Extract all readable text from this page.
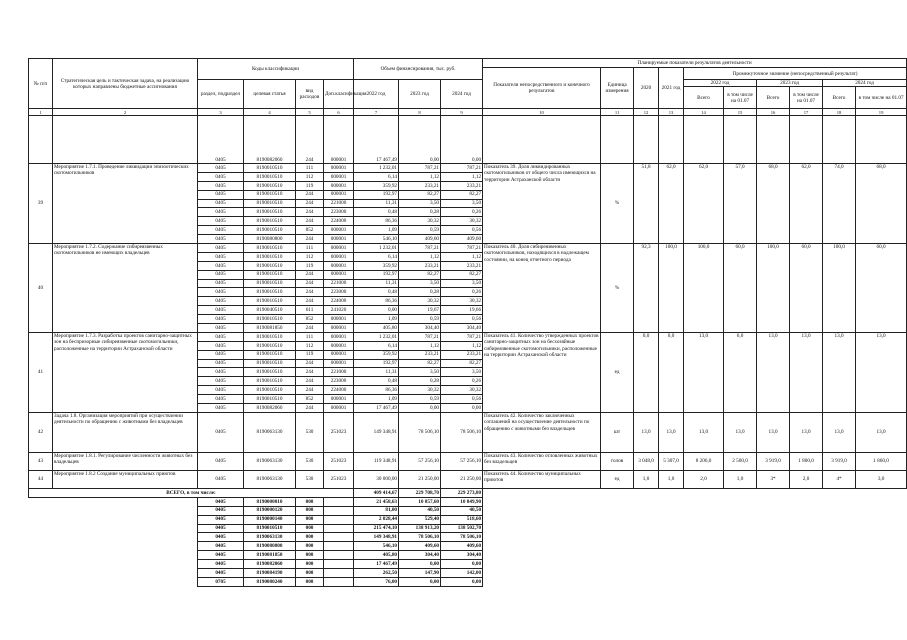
№ п/п	Стратегическая цель и тактическая задача, на реализацию которых направлены бюджетные ассигнования	Коды классификации				Объем финансирования, тыс. руб.			Планируемые показатели результатов деятельности									
									Показатели непосредственного и конечного результатов	Единица измерения	2020	2021 год	Промежуточное значение (непосредственный результат)					
		раздел, подраздел	целевая статья	вид расходов	Доп.класификация	2022 год	2023 год	2024 год					2022 год		2023 год		2024 год	
													Всего	в том числе на 01.07	Всего	в том числе на 01.07	Всего	в том числе на 01.07
1	2	3	4	5	6	7	8	9	10	11	12	13	14	15	16	17	18	19
		0405	8190082060	244	000001	17 467,49	0,00	0,00										
39	Мероприятие 1.7.1. Проведение ликвидации эпизоотических скотомогильников	0405	8190010510	111	000001	1 232,01	787,21	787,21	Показатель 39. Доля ликвидированных скотомогильников от общего числа имеющихся на территории Астраханской области	%	51,8	62,0	62,0	57,0	68,0	62,0	74,0	68,0
		0405	8190010510	112	000001	6,14	1,12	1,12										
		0405	8190010510	119	000001	359,92	233,21	233,21										
		0405	8190010510	244	000001	192,97	82,27	82,27										
		0405	8190010510	244	221000	11,31	3,50	3,50										
		0405	8190010510	244	223000	0,48	0,28	0,26										
		0405	8190010510	244	224000	86,36	30,32	30,32										
		0405	8190010510	852	000001	1,09	0,59	0,56										
		0405	8190080800	244	000001	546,10	409,60	409,60										
40	Мероприятие 1.7.2. Содержание сибиреязвенных скотомогильников не имеющих владельцев	0405	8190010510	111	000001	1 232,01	787,21	787,21	Показатель 40. Доля сибиреязвенных скотомогильников, находящихся в надлежащем состоянии, на конец отчетного периода	%	92,3	100,0	100,0	60,0	100,0	60,0	100,0	60,0
		0405	8190010510	112	000001	6,14	1,12	1,12										
		0405	8190010510	119	000001	359,92	233,21	233,21										
		0405	8190010510	244	000001	192,97	82,27	82,27										
		0405	8190010510	244	221000	11,31	3,50	3,50										
		0405	8190010510	244	223000	0,48	0,28	0,26										
		0405	8190010510	244	224000	86,36	30,32	30,32										
		0405	8190040510	611	241020	0,00	19,67	19,66										
		0405	8190010510	852	000001	1,09	0,59	0,56										
		0405	8190081850	244	000001	405,80	304,40	304,40										
41	Мероприятие 1.7.3. Разработка проектов санитарно-защитных зон на беспризорные сибиреязвенные скотомогильники, расположенные на территории Астраханской области	0405	8190010510	111	000001	1 232,01	787,21	787,21	Показатель 41. Количество утвержденных проектов санитарно-защитных зон на бесхозяйные сибиреязвенные скотомогильники, расположенные на территории Астраханской области	ед	0,0	0,0	13,0	6,0	13,0	13,0	13,0	13,0
		0405	8190010510	112	000001	6,14	1,12	1,12										
		0405	8190010510	119	000001	359,92	233,21	233,21										
		0405	8190010510	244	000001	192,97	82,27	82,27										
		0405	8190010510	244	221000	11,31	3,50	3,50										
		0405	8190010510	244	223000	0,48	0,28	0,26										
		0405	8190010510	244	224000	86,36	30,32	30,32										
		0405	8190010510	852	000001	1,09	0,59	0,56										
		0405	8190082060	244	000001	17 467,49	0,00	0,00										
42	Задача 1.8. Организация мероприятий при осуществлении деятельности по обращению с животными без владельцев	0405	8190063130	530	251023	149 348,91	78 506,10	78 506,10	Показатель 42. Количество заключенных соглашений на осуществление деятельности по обращению с животными без владельцев	шт	13,0	13,0	13,0	13,0	13,0	13,0	13,0	13,0
43	Мероприятие 1.8.1. Регулирование численности животных без владельцев	0405	8190063130	530	251023	119 348,91	57 256,10	57 256,10	Показатель 43. Количество отловленных животных без владельцев	голов	3 048,0	5 307,0	8 206,0	2 500,0	3 919,0	1 800,0	3 919,0	1 860,0
44	Мероприятие 1.8.2 Создание муниципальных приютов	0405	8190063130	530	251023	30 000,00	21 250,00	21 250,00	Показатель 44. Количество муниципальных приютов	ед	1,0	1,0	2,0	1,0	3*	2,0	4*	3,0
ВСЕГО, в том числе:						409 414,67	229 708,70	229 273,80										
		0405	8190000010	000		21 458,63	10 857,60	10 849,90										
		0405	8190000120	000		81,00	40,50	40,50										
		0405	8190000140	000		2 028,44	529,40	518,60										
		0405	8190010510	000		215 474,10	138 913,20	138 502,70										
		0405	8190063130	000		149 348,91	78 506,10	78 506,10										
		0405	8190080800	000		546,10	409,60	409,60										
		0405	8190081850	000		405,80	304,40	304,40										
		0405	8190082060	000		17 467,49	0,00	0,00										
		0405	8190084190	000		262,50	147,90	142,00										
		0705	8190080240	000		76,00	0,00	0,00										
